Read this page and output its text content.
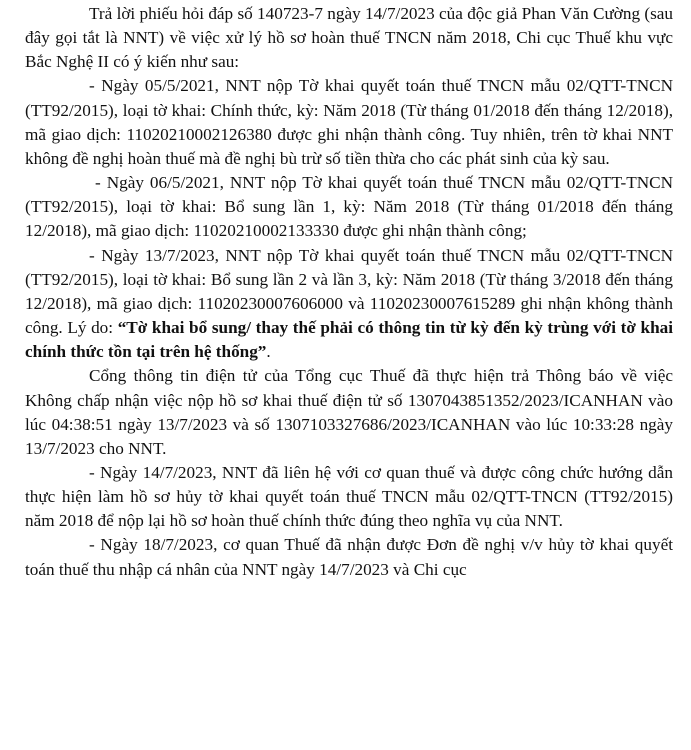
Trả lời phiếu hỏi đáp số 140723-7 ngày 14/7/2023 của độc giả Phan Văn Cường (sau đây gọi tắt là NNT) về việc xử lý hồ sơ hoàn thuế TNCN năm 2018, Chi cục Thuế khu vực Bắc Nghệ II có ý kiến như sau:

- Ngày 05/5/2021, NNT nộp Tờ khai quyết toán thuế TNCN mẫu 02/QTT-TNCN (TT92/2015), loại tờ khai: Chính thức, kỳ: Năm 2018 (Từ tháng 01/2018 đến tháng 12/2018), mã giao dịch: 11020210002126380 được ghi nhận thành công. Tuy nhiên, trên tờ khai NNT không đề nghị hoàn thuế mà đề nghị bù trừ số tiền thừa cho các phát sinh của kỳ sau.

- Ngày 06/5/2021, NNT nộp Tờ khai quyết toán thuế TNCN mẫu 02/QTT-TNCN (TT92/2015), loại tờ khai: Bổ sung lần 1, kỳ: Năm 2018 (Từ tháng 01/2018 đến tháng 12/2018), mã giao dịch: 11020210002133330 được ghi nhận thành công;

- Ngày 13/7/2023, NNT nộp Tờ khai quyết toán thuế TNCN mẫu 02/QTT-TNCN (TT92/2015), loại tờ khai: Bổ sung lần 2 và lần 3, kỳ: Năm 2018 (Từ tháng 3/2018 đến tháng 12/2018), mã giao dịch: 11020230007606000 và 11020230007615289 ghi nhận không thành công. Lý do: “Tờ khai bổ sung/ thay thế phải có thông tin từ kỳ đến kỳ trùng với tờ khai chính thức tồn tại trên hệ thống”.

Cổng thông tin điện tử của Tổng cục Thuế đã thực hiện trả Thông báo về việc Không chấp nhận việc nộp hồ sơ khai thuế điện tử số 1307043851352/2023/ICANHAN vào lúc 04:38:51 ngày 13/7/2023 và số 1307103327686/2023/ICANHAN vào lúc 10:33:28 ngày 13/7/2023 cho NNT.

- Ngày 14/7/2023, NNT đã liên hệ với cơ quan thuế và được công chức hướng dẫn thực hiện làm hồ sơ hủy tờ khai quyết toán thuế TNCN mẫu 02/QTT-TNCN (TT92/2015) năm 2018 để nộp lại hồ sơ hoàn thuế chính thức đúng theo nghĩa vụ của NNT.

- Ngày 18/7/2023, cơ quan Thuế đã nhận được Đơn đề nghị v/v hủy tờ khai quyết toán thuế thu nhập cá nhân của NNT ngày 14/7/2023 và Chi cục
